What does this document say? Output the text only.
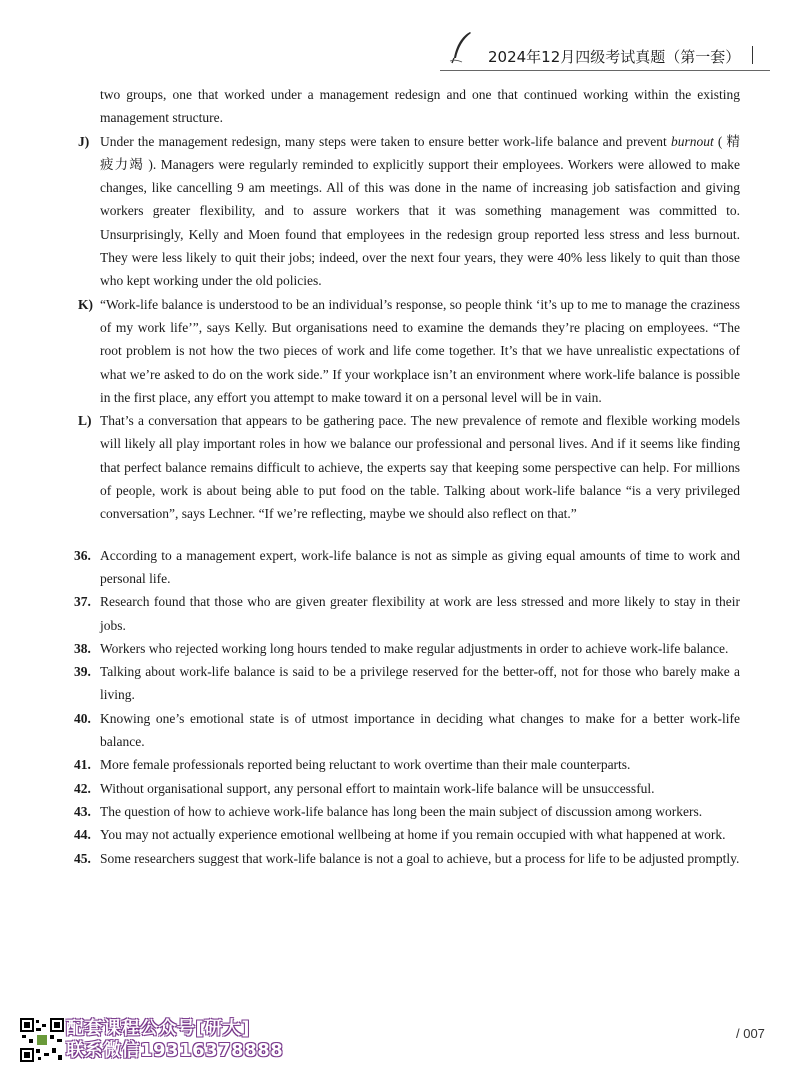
2024年12月四级考试真题（第一套）

two groups, one that worked under a management redesign and one that continued working within the existing management structure.

J) Under the management redesign, many steps were taken to ensure better work-life balance and prevent burnout ( 精疲力竭 ). Managers were regularly reminded to explicitly support their employees. Workers were allowed to make changes, like cancelling 9 am meetings. All of this was done in the name of increasing job satisfaction and giving workers greater flexibility, and to assure workers that it was something management was committed to. Unsurprisingly, Kelly and Moen found that employees in the redesign group reported less stress and less burnout. They were less likely to quit their jobs; indeed, over the next four years, they were 40% less likely to quit than those who kept working under the old policies.

K) “Work-life balance is understood to be an individual’s response, so people think ‘it’s up to me to manage the craziness of my work life’”, says Kelly. But organisations need to examine the demands they’re placing on employees. “The root problem is not how the two pieces of work and life come together. It’s that we have unrealistic expectations of what we’re asked to do on the work side.” If your workplace isn’t an environment where work-life balance is possible in the first place, any effort you attempt to make toward it on a personal level will be in vain.

L) That’s a conversation that appears to be gathering pace. The new prevalence of remote and flexible working models will likely all play important roles in how we balance our professional and personal lives. And if it seems like finding that perfect balance remains difficult to achieve, the experts say that keeping some perspective can help. For millions of people, work is about being able to put food on the table. Talking about work-life balance “is a very privileged conversation”, says Lechner. “If we’re reflecting, maybe we should also reflect on that.”

36. According to a management expert, work-life balance is not as simple as giving equal amounts of time to work and personal life.

37. Research found that those who are given greater flexibility at work are less stressed and more likely to stay in their jobs.

38. Workers who rejected working long hours tended to make regular adjustments in order to achieve work-life balance.

39. Talking about work-life balance is said to be a privilege reserved for the better-off, not for those who barely make a living.

40. Knowing one’s emotional state is of utmost importance in deciding what changes to make for a better work-life balance.

41. More female professionals reported being reluctant to work overtime than their male counterparts.

42. Without organisational support, any personal effort to maintain work-life balance will be unsuccessful.

43. The question of how to achieve work-life balance has long been the main subject of discussion among workers.

44. You may not actually experience emotional wellbeing at home if you remain occupied with what happened at work.

45. Some researchers suggest that work-life balance is not a goal to achieve, but a process for life to be adjusted promptly.

配套课程公众号[研大]
联系微信19316378888
/ 007
